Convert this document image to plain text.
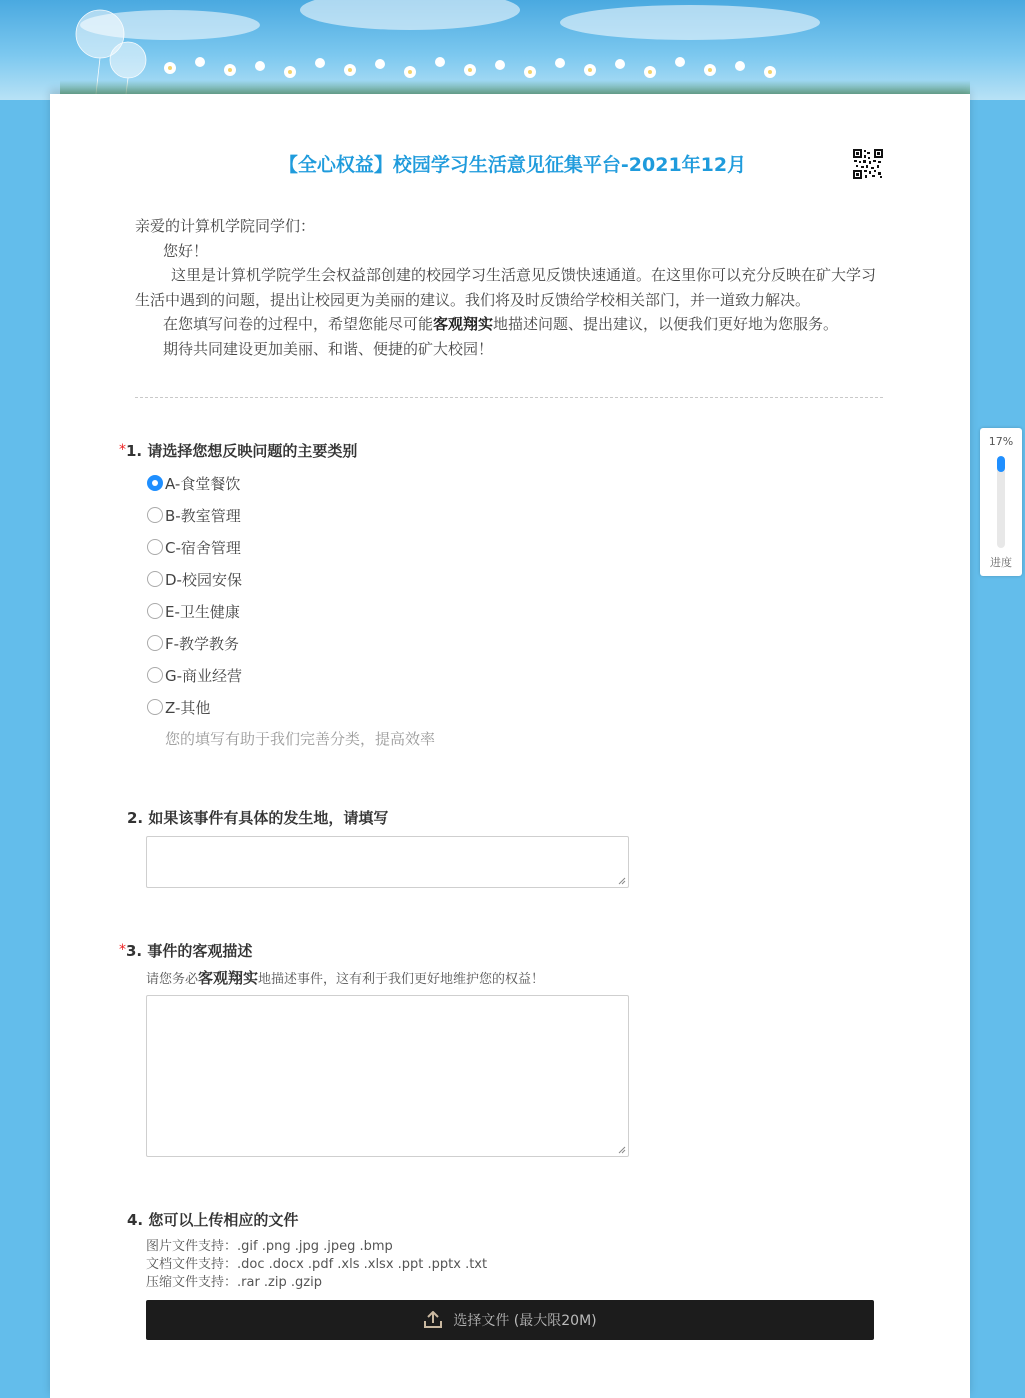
【全心权益】校园学习生活意见征集平台-2021年12月

亲爱的计算机学院同学们：

您好！

这里是计算机学院学生会权益部创建的校园学习生活意见反馈快速通道。在这里你可以充分反映在矿大学习生活中遇到的问题，提出让校园更为美丽的建议。我们将及时反馈给学校相关部门，并一道致力解决。

在您填写问卷的过程中，希望您能尽可能客观翔实地描述问题、提出建议，以便我们更好地为您服务。

期待共同建设更加美丽、和谐、便捷的矿大校园！

*1. 请选择您想反映问题的主要类别
A-食堂餐饮
B-教室管理
C-宿舍管理
D-校园安保
E-卫生健康
F-教学教务
G-商业经营
Z-其他
您的填写有助于我们完善分类，提高效率
2. 如果该事件有具体的发生地，请填写
*3. 事件的客观描述
请您务必客观翔实地描述事件，这有利于我们更好地维护您的权益！
4. 您可以上传相应的文件
图片文件支持：.gif .png .jpg .jpeg .bmp
文档文件支持：.doc .docx .pdf .xls .xlsx .ppt .pptx .txt
压缩文件支持：.rar .zip .gzip
选择文件 (最大限20M)
17%
进度
